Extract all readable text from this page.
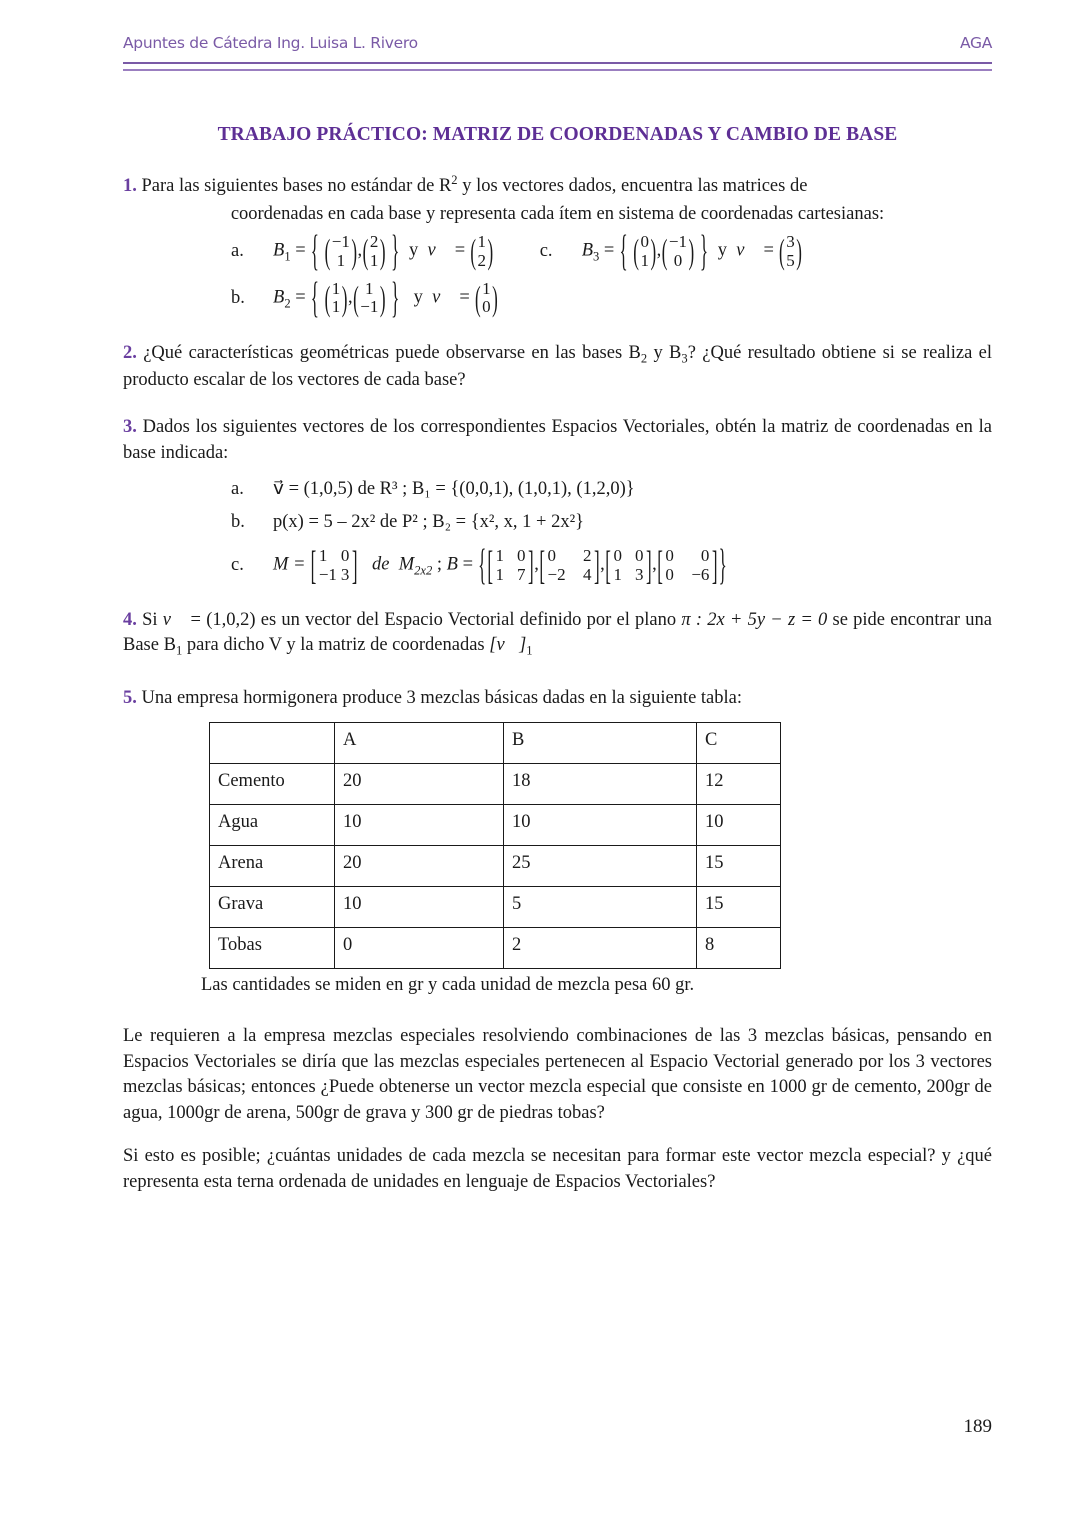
Apuntes de Cátedra Ing. Luisa L. Rivero	AGA
TRABAJO PRÁCTICO: MATRIZ DE COORDENADAS Y CAMBIO DE BASE

1. Para las siguientes bases no estándar de $R^2$ y los vectores dados, encuentra las matrices de

coordenadas en cada base y representa cada ítem en sistema de coordenadas cartesianas:

a.	$B_1$ = { ( −1
1 ) , ( 2
1 ) } y v⃗ = ( 1
2 )	c.	$B_3$ = { ( 0
1 ) , ( −1
0 ) } y v⃗ = ( 3
5 )
b.	$B_2$ = { ( 1
1 ) , ( 1
−1 ) } y v⃗ = ( 1
0 )

2. ¿Qué características geométricas puede observarse en las bases $B_2$ y $B_3$? ¿Qué resultado obtiene si se realiza el producto escalar de los vectores de cada base?

3. Dados los siguientes vectores de los correspondientes Espacios Vectoriales, obtén la matriz de coordenadas en la base indicada:

a.	v⃗ = (1,0,5) de R³ ; B₁ = {(0,0,1), (1,0,1), (1,2,0)}
b.	p(x) = 5 – 2x² de P² ; B₂ = {x², x, 1 + 2x²}
c.	M = [ 1 0
−1 3 ] de $M_{2x2}$ ; B = { [ 1 0
1 7 ] , [ 0 2
−2 4 ] , [ 0 0
1 3 ] , [ 0 0
0 −6 ] }

4. Si v⃗ = (1,0,2) es un vector del Espacio Vectorial definido por el plano π : 2x + 5y − z = 0 se pide encontrar una Base $B_1$ para dicho V y la matriz de coordenadas $[v⃗]_1$

5. Una empresa hormigonera produce 3 mezclas básicas dadas en la siguiente tabla:

	A	B	C
Cemento	20	18	12
Agua	10	10	10
Arena	20	25	15
Grava	10	5	15
Tobas	0	2	8
Las cantidades se miden en gr y cada unidad de mezcla pesa 60 gr.

Le requieren a la empresa mezclas especiales resolviendo combinaciones de las 3 mezclas básicas, pensando en Espacios Vectoriales se diría que las mezclas especiales pertenecen al Espacio Vectorial generado por los 3 vectores mezclas básicas; entonces ¿Puede obtenerse un vector mezcla especial que consiste en 1000 gr de cemento, 200gr de agua, 1000gr de arena, 500gr de grava y 300 gr de piedras tobas?

Si esto es posible; ¿cuántas unidades de cada mezcla se necesitan para formar este vector mezcla especial? y ¿qué representa esta terna ordenada de unidades en lenguaje de Espacios Vectoriales?

189
